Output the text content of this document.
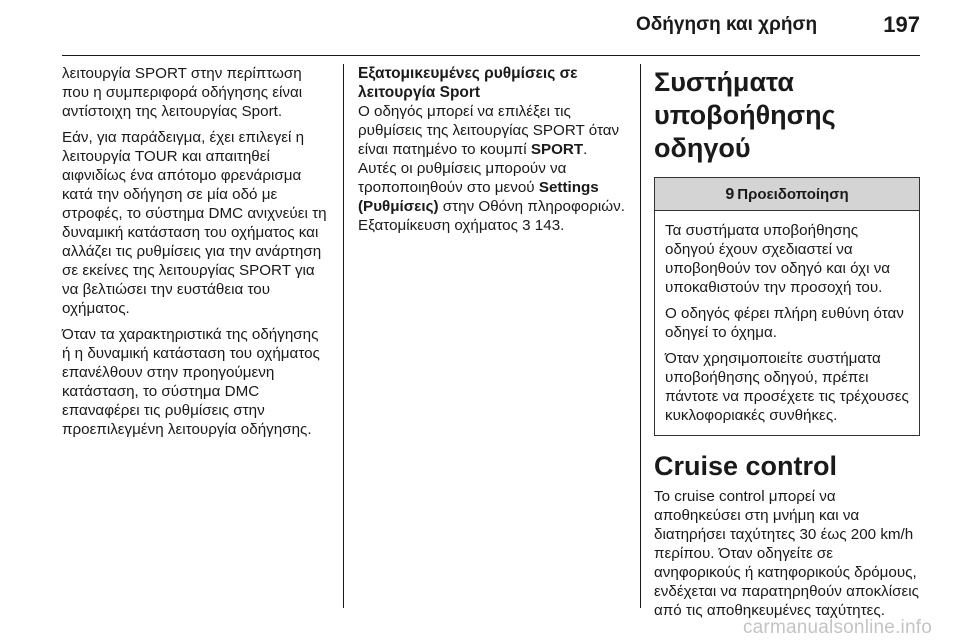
Οδήγηση και χρήση	197

λειτουργία SPORT στην περίπτωση που η συμπεριφορά οδήγησης είναι αντίστοιχη της λειτουργίας Sport.

Εάν, για παράδειγμα, έχει επιλεγεί η λειτουργία TOUR και απαιτηθεί αιφνιδίως ένα απότομο φρενάρισμα κατά την οδήγηση σε μία οδό με στροφές, το σύστημα DMC ανιχνεύει τη δυναμική κατάσταση του οχήματος και αλλάζει τις ρυθμίσεις για την ανάρτηση σε εκείνες της λειτουργίας SPORT για να βελτιώσει την ευστάθεια του οχήματος.

Όταν τα χαρακτηριστικά της οδήγησης ή η δυναμική κατάσταση του οχήματος επανέλθουν στην προηγούμενη κατάσταση, το σύστημα DMC επαναφέρει τις ρυθμίσεις στην προεπιλεγμένη λειτουργία οδήγησης.

Εξατομικευμένες ρυθμίσεις σε λειτουργία Sport

Ο οδηγός μπορεί να επιλέξει τις ρυθμίσεις της λειτουργίας SPORT όταν είναι πατημένο το κουμπί SPORT. Αυτές οι ρυθμίσεις μπορούν να τροποποιηθούν στο μενού Settings (Ρυθμίσεις) στην Οθόνη πληροφοριών. Εξατομίκευση οχήματος 3 143.

Συστήματα υποβοήθησης οδηγού
9 Προειδοποίηση

Τα συστήματα υποβοήθησης οδηγού έχουν σχεδιαστεί να υποβοηθούν τον οδηγό και όχι να υποκαθιστούν την προσοχή του.

Ο οδηγός φέρει πλήρη ευθύνη όταν οδηγεί το όχημα.

Όταν χρησιμοποιείτε συστήματα υποβοήθησης οδηγού, πρέπει πάντοτε να προσέχετε τις τρέχουσες κυκλοφοριακές συνθήκες.

Cruise control

Το cruise control μπορεί να αποθηκεύσει στη μνήμη και να διατηρήσει ταχύτητες 30 έως 200 km/h περίπου. Όταν οδηγείτε σε ανηφορικούς ή κατηφορικούς δρόμους, ενδέχεται να παρατηρηθούν αποκλίσεις από τις αποθηκευμένες ταχύτητες.

carmanualsonline.info
